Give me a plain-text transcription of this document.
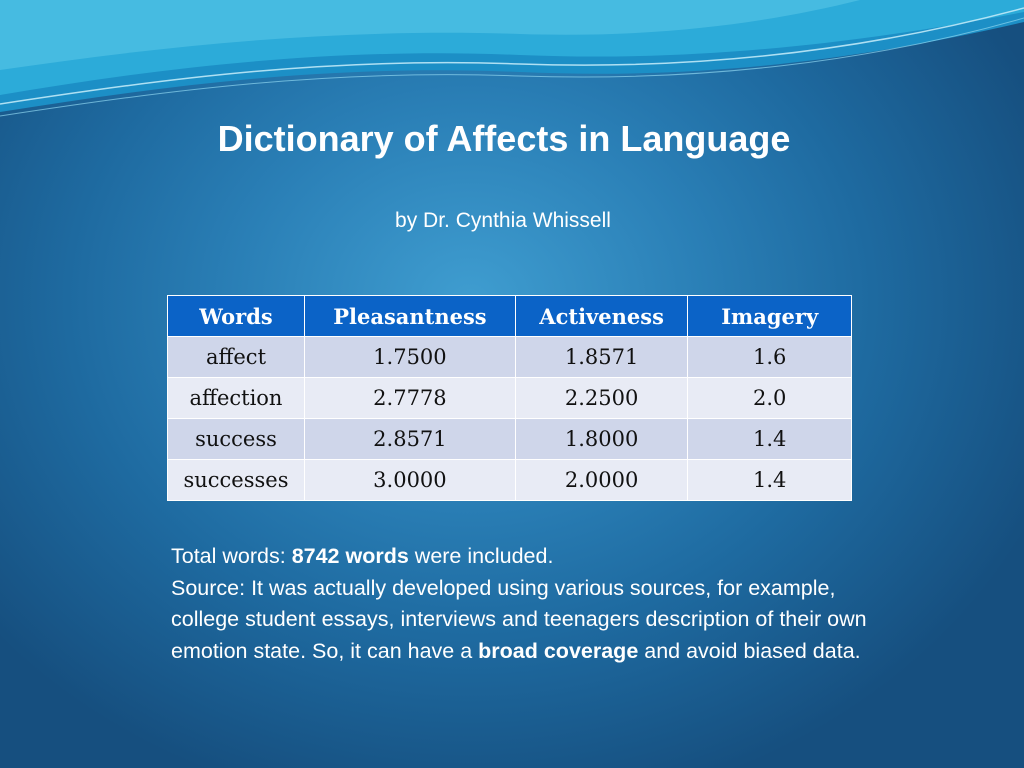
Dictionary of Affects in Language

by Dr. Cynthia Whissell

Words	Pleasantness	Activeness	Imagery
affect	1.7500	1.8571	1.6
affection	2.7778	2.2500	2.0
success	2.8571	1.8000	1.4
successes	3.0000	2.0000	1.4

Total words: 8742 words were included.
Source: It was actually developed using various sources, for example, college student essays, interviews and teenagers description of their own emotion state. So, it can have a broad coverage and avoid biased data.
